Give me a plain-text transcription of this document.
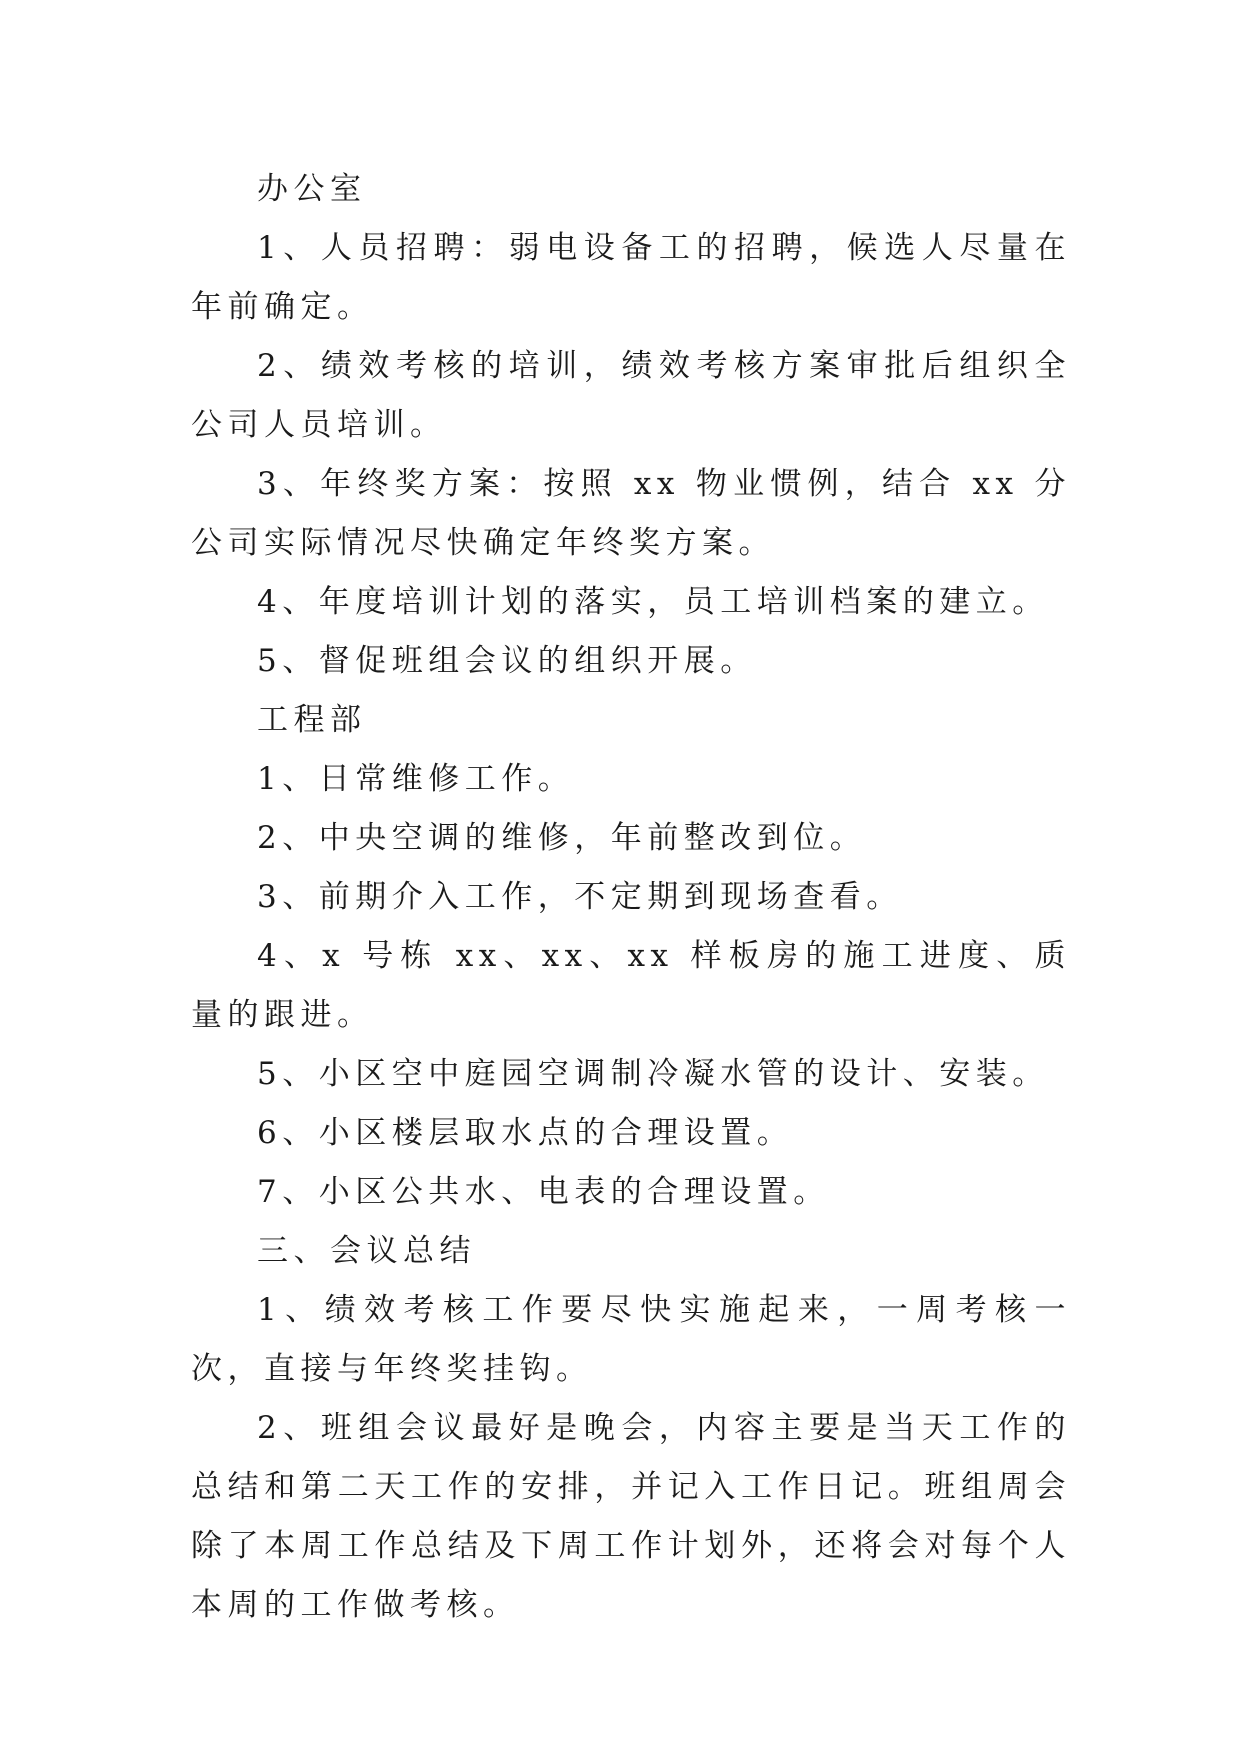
办公室

1、人员招聘：弱电设备工的招聘，候选人尽量在年前确定。

2、绩效考核的培训，绩效考核方案审批后组织全公司人员培训。

3、年终奖方案：按照 xx 物业惯例，结合 xx 分公司实际情况尽快确定年终奖方案。

4、年度培训计划的落实，员工培训档案的建立。

5、督促班组会议的组织开展。

工程部

1、日常维修工作。

2、中央空调的维修，年前整改到位。

3、前期介入工作，不定期到现场查看。

4、x 号栋 xx、xx、xx 样板房的施工进度、质量的跟进。

5、小区空中庭园空调制冷凝水管的设计、安装。

6、小区楼层取水点的合理设置。

7、小区公共水、电表的合理设置。

三、会议总结

1、绩效考核工作要尽快实施起来，一周考核一次，直接与年终奖挂钩。

2、班组会议最好是晚会，内容主要是当天工作的总结和第二天工作的安排，并记入工作日记。班组周会除了本周工作总结及下周工作计划外，还将会对每个人本周的工作做考核。
